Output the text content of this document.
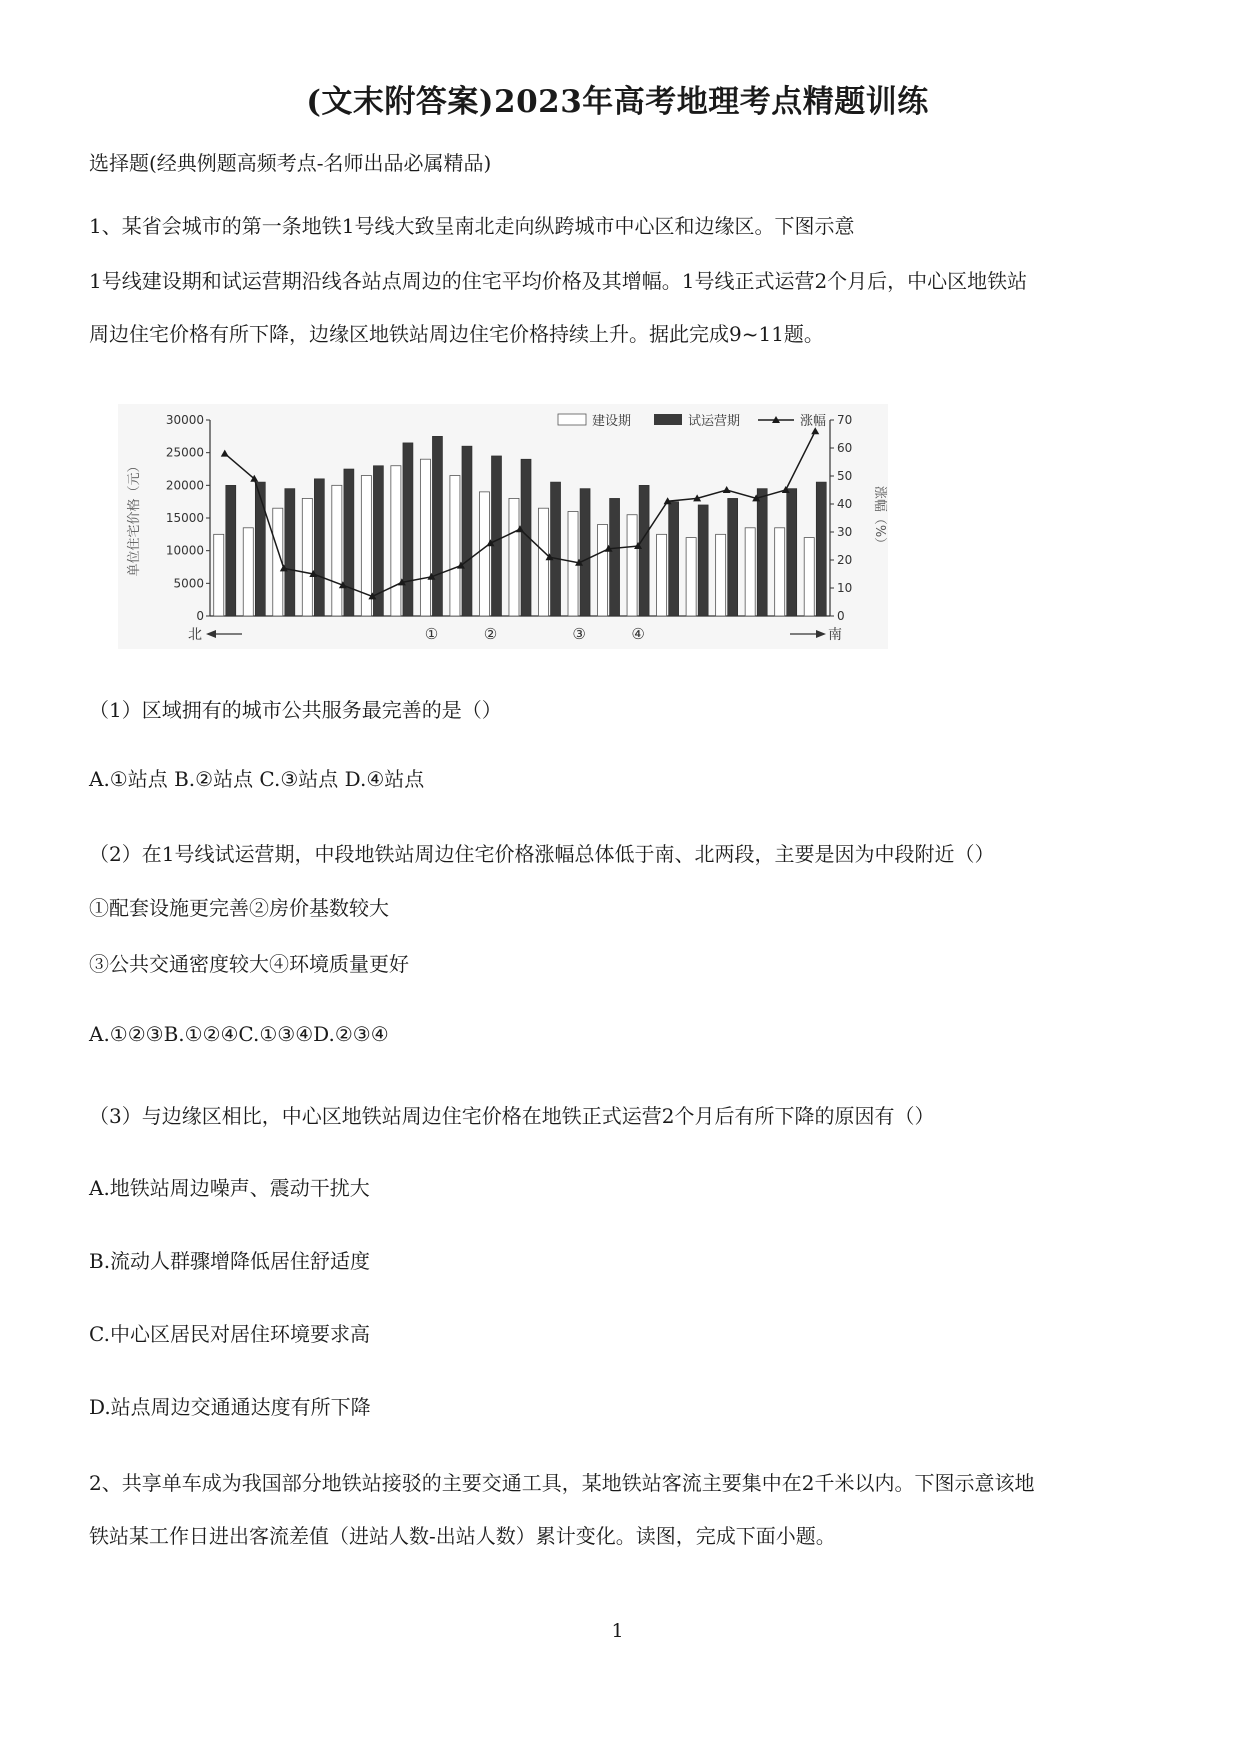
(文末附答案)2023年高考地理考点精题训练
选择题(经典例题高频考点-名师出品必属精品)
1、某省会城市的第一条地铁1号线大致呈南北走向纵跨城市中心区和边缘区。下图示意
1号线建设期和试运营期沿线各站点周边的住宅平均价格及其增幅。1号线正式运营2个月后，中心区地铁站
周边住宅价格有所下降，边缘区地铁站周边住宅价格持续上升。据此完成9~11题。
0
5000
10000
15000
20000
25000
30000
0
10
20
30
40
50
60
70
单位住宅价格（元）	涨幅（%）
建设期	试运营期	涨幅
北	南
①	②	③	④
（1）区域拥有的城市公共服务最完善的是（）
A.①站点 B.②站点 C.③站点 D.④站点
（2）在1号线试运营期，中段地铁站周边住宅价格涨幅总体低于南、北两段，主要是因为中段附近（）
①配套设施更完善②房价基数较大
③公共交通密度较大④环境质量更好
A.①②③B.①②④C.①③④D.②③④
（3）与边缘区相比，中心区地铁站周边住宅价格在地铁正式运营2个月后有所下降的原因有（）
A.地铁站周边噪声、震动干扰大
B.流动人群骤增降低居住舒适度
C.中心区居民对居住环境要求高
D.站点周边交通通达度有所下降
2、共享单车成为我国部分地铁站接驳的主要交通工具，某地铁站客流主要集中在2千米以内。下图示意该地
铁站某工作日进出客流差值（进站人数-出站人数）累计变化。读图，完成下面小题。
1
